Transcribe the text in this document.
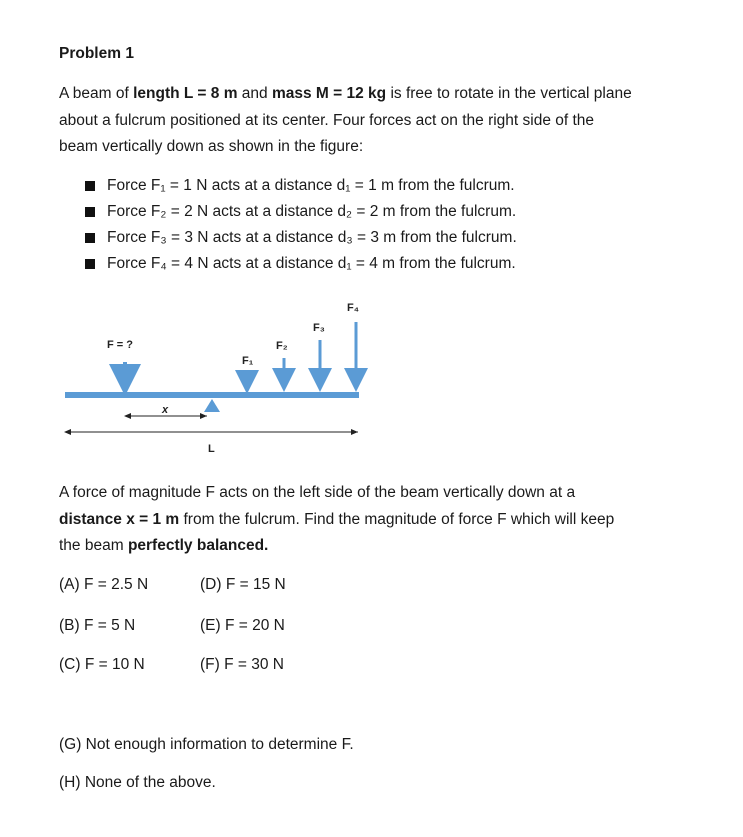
Problem 1
A beam of length L = 8 m and mass M = 12 kg is free to rotate in the vertical plane
about a fulcrum positioned at its center. Four forces act on the right side of the
beam vertically down as shown in the figure:
Force F₁ = 1 N acts at a distance d₁ = 1 m from the fulcrum.
Force F₂ = 2 N acts at a distance d₂ = 2 m from the fulcrum.
Force F₃ = 3 N acts at a distance d₃ = 3 m from the fulcrum.
Force F₄ = 4 N acts at a distance d₁ = 4 m from the fulcrum.
F = ?
F₁
F₂
F₃
F₄
x
L
A force of magnitude F acts on the left side of the beam vertically down at a
distance x = 1 m from the fulcrum. Find the magnitude of force F which will keep
the beam perfectly balanced.
(A) F = 2.5 N	(D) F = 15 N
(B) F = 5 N	(E) F = 20 N
(C) F = 10 N	(F) F = 30 N
(G) Not enough information to determine F.
(H) None of the above.
